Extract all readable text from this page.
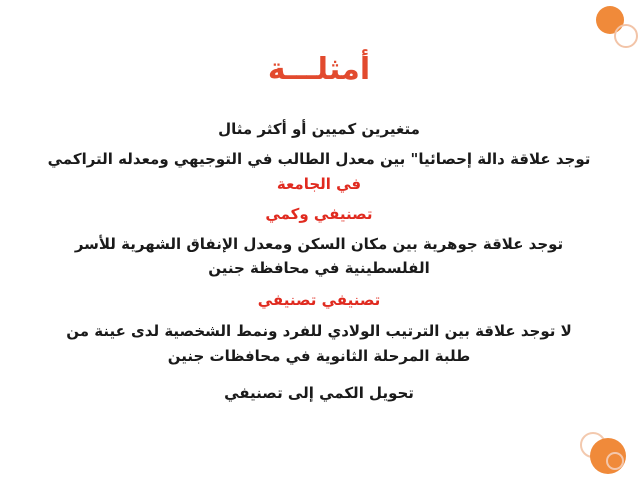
أمثلـــة
متغيرين كميين أو أكثر مثال
توجد علاقة دالة إحصائيا" بين معدل الطالب في التوجيهي ومعدله التراكمي
في الجامعة
تصنيفي وكمي
توجد علاقة جوهرية بين مكان السكن ومعدل الإنفاق الشهرية للأسر
الفلسطينية في محافظة جنين
تصنيفي تصنيفي
لا توجد علاقة بين الترتيب الولادي للفرد ونمط الشخصية لدى عينة من
طلبة المرحلة الثانوية في محافظات جنين
تحويل الكمي إلى تصنيفي
